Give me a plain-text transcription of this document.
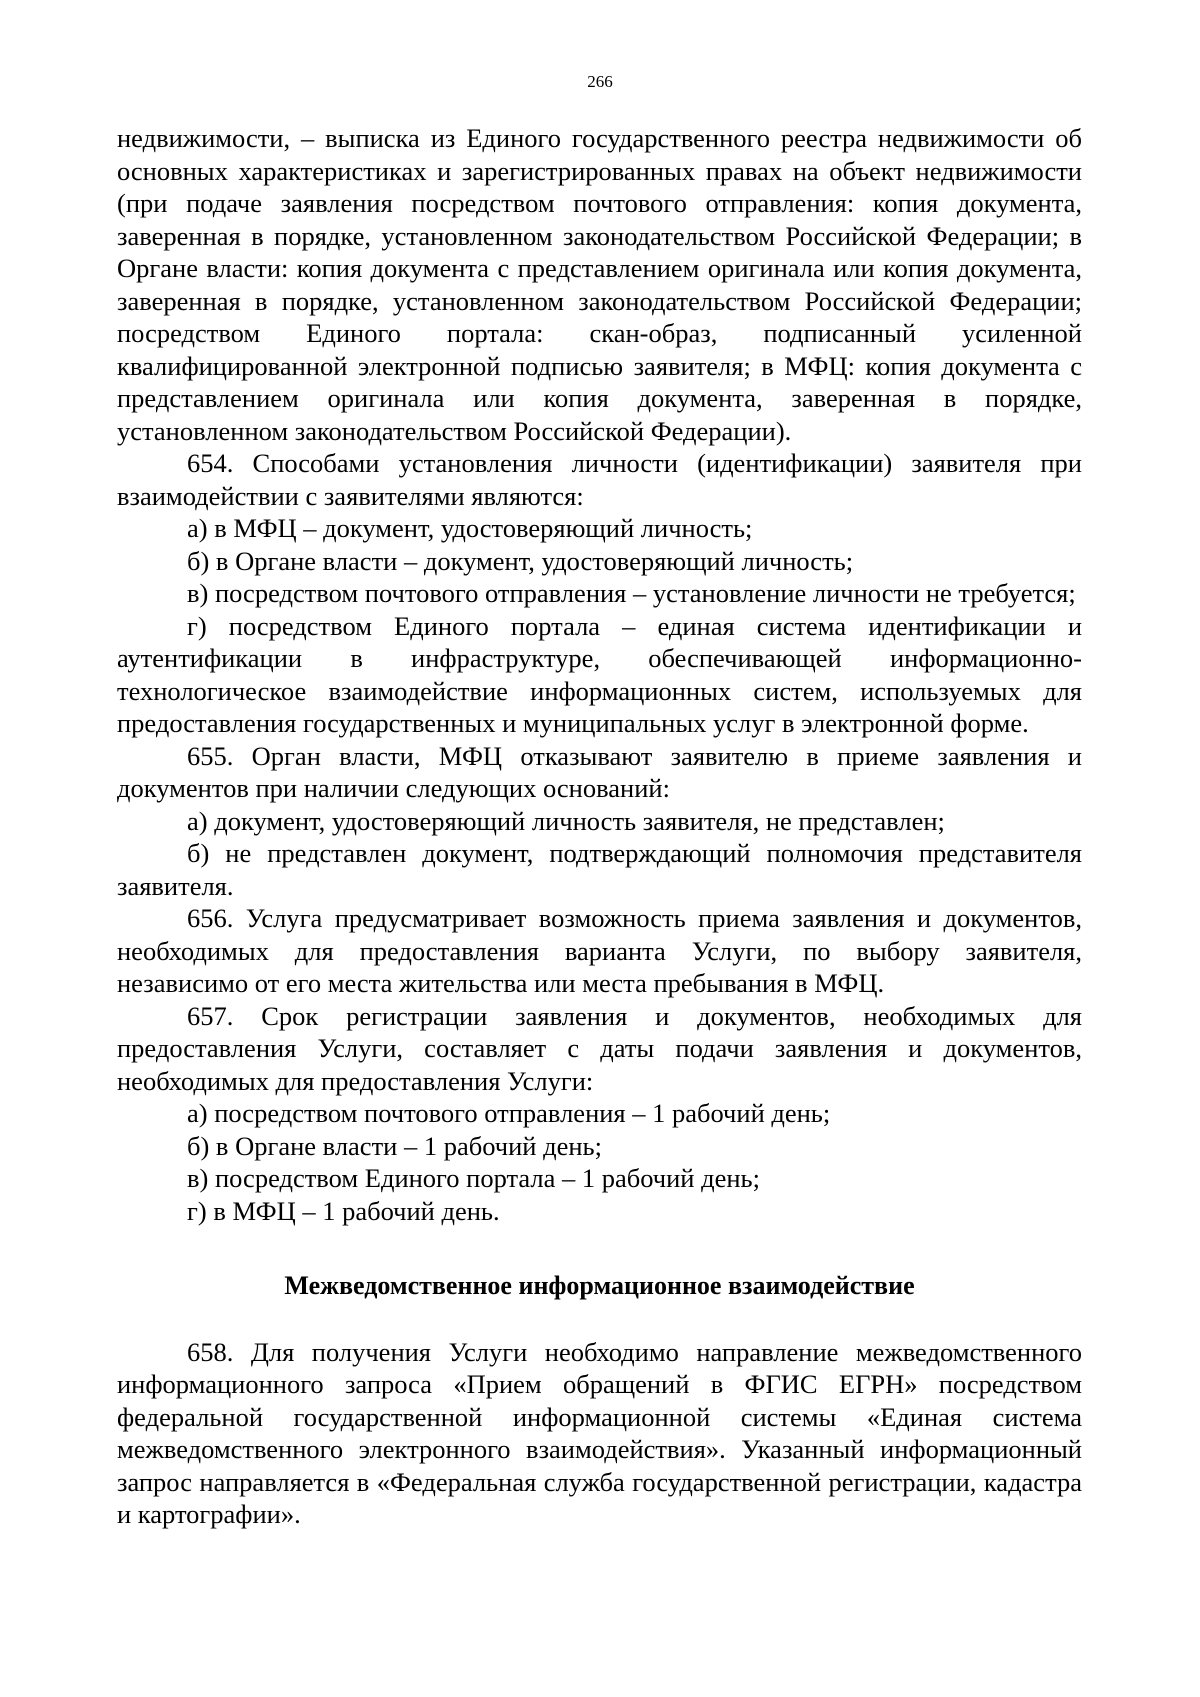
266

недвижимости, – выписка из Единого государственного реестра недвижимости об основных характеристиках и зарегистрированных правах на объект недвижимости (при подаче заявления посредством почтового отправления: копия документа, заверенная в порядке, установленном законодательством Российской Федерации; в Органе власти: копия документа с представлением оригинала или копия документа, заверенная в порядке, установленном законодательством Российской Федерации; посредством Единого портала: скан-образ, подписанный усиленной квалифицированной электронной подписью заявителя; в МФЦ: копия документа с представлением оригинала или копия документа, заверенная в порядке, установленном законодательством Российской Федерации).

654. Способами установления личности (идентификации) заявителя при взаимодействии с заявителями являются:

а) в МФЦ – документ, удостоверяющий личность;

б) в Органе власти – документ, удостоверяющий личность;

в) посредством почтового отправления – установление личности не требуется;

г) посредством Единого портала – единая система идентификации и аутентификации в инфраструктуре, обеспечивающей информационно-технологическое взаимодействие информационных систем, используемых для предоставления государственных и муниципальных услуг в электронной форме.

655. Орган власти, МФЦ отказывают заявителю в приеме заявления и документов при наличии следующих оснований:

а) документ, удостоверяющий личность заявителя, не представлен;

б) не представлен документ, подтверждающий полномочия представителя заявителя.

656. Услуга предусматривает возможность приема заявления и документов, необходимых для предоставления варианта Услуги, по выбору заявителя, независимо от его места жительства или места пребывания в МФЦ.

657. Срок регистрации заявления и документов, необходимых для предоставления Услуги, составляет с даты подачи заявления и документов, необходимых для предоставления Услуги:

а) посредством почтового отправления – 1 рабочий день;

б) в Органе власти – 1 рабочий день;

в) посредством Единого портала – 1 рабочий день;

г) в МФЦ – 1 рабочий день.

Межведомственное информационное взаимодействие

658. Для получения Услуги необходимо направление межведомственного информационного запроса «Прием обращений в ФГИС ЕГРН» посредством федеральной государственной информационной системы «Единая система межведомственного электронного взаимодействия». Указанный информационный запрос направляется в «Федеральная служба государственной регистрации, кадастра и картографии».
